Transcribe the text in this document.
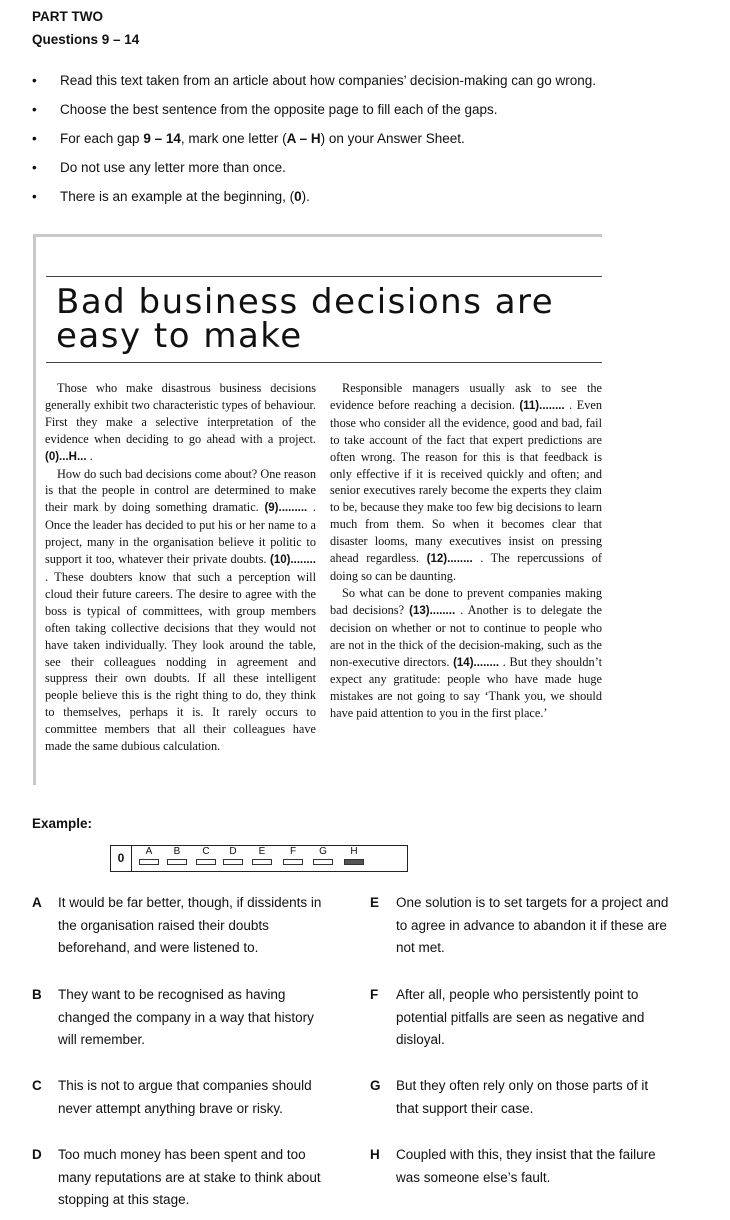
PART TWO
Questions 9 – 14
• Read this text taken from an article about how companies’ decision-making can go wrong.
• Choose the best sentence from the opposite page to fill each of the gaps.
• For each gap 9 – 14, mark one letter (A – H) on your Answer Sheet.
• Do not use any letter more than once.
• There is an example at the beginning, (0).
Bad business decisions are easy to make

Those who make disastrous business decisions generally exhibit two characteristic types of behaviour. First they make a selective interpretation of the evidence when deciding to go ahead with a project. (0)...H... .

How do such bad decisions come about? One reason is that the people in control are determined to make their mark by doing something dramatic. (9)......... . Once the leader has decided to put his or her name to a project, many in the organisation believe it politic to support it too, whatever their private doubts. (10)........ . These doubters know that such a perception will cloud their future careers. The desire to agree with the boss is typical of committees, with group members often taking collective decisions that they would not have taken individually. They look around the table, see their colleagues nodding in agreement and suppress their own doubts. If all these intelligent people believe this is the right thing to do, they think to themselves, perhaps it is. It rarely occurs to committee members that all their colleagues have made the same dubious calculation.

Responsible managers usually ask to see the evidence before reaching a decision. (11)........ . Even those who consider all the evidence, good and bad, fail to take account of the fact that expert predictions are often wrong. The reason for this is that feedback is only effective if it is received quickly and often; and senior executives rarely become the experts they claim to be, because they make too few big decisions to learn much from them. So when it becomes clear that disaster looms, many executives insist on pressing ahead regardless. (12)........ . The repercussions of doing so can be daunting.

So what can be done to prevent companies making bad decisions? (13)........ . Another is to delegate the decision on whether or not to continue to people who are not in the thick of the decision-making, such as the non-executive directors. (14)........ . But they shouldn’t expect any gratitude: people who have made huge mistakes are not going to say ‘Thank you, we should have paid attention to you in the first place.’

Example:
0	A	B	C	D	E	F	G	H
A It would be far better, though, if dissidents in the organisation raised their doubts beforehand, and were listened to.
B They want to be recognised as having changed the company in a way that history will remember.
C This is not to argue that companies should never attempt anything brave or risky.
D Too much money has been spent and too many reputations are at stake to think about stopping at this stage.
E One solution is to set targets for a project and to agree in advance to abandon it if these are not met.
F After all, people who persistently point to potential pitfalls are seen as negative and disloyal.
G But they often rely only on those parts of it that support their case.
H Coupled with this, they insist that the failure was someone else’s fault.
